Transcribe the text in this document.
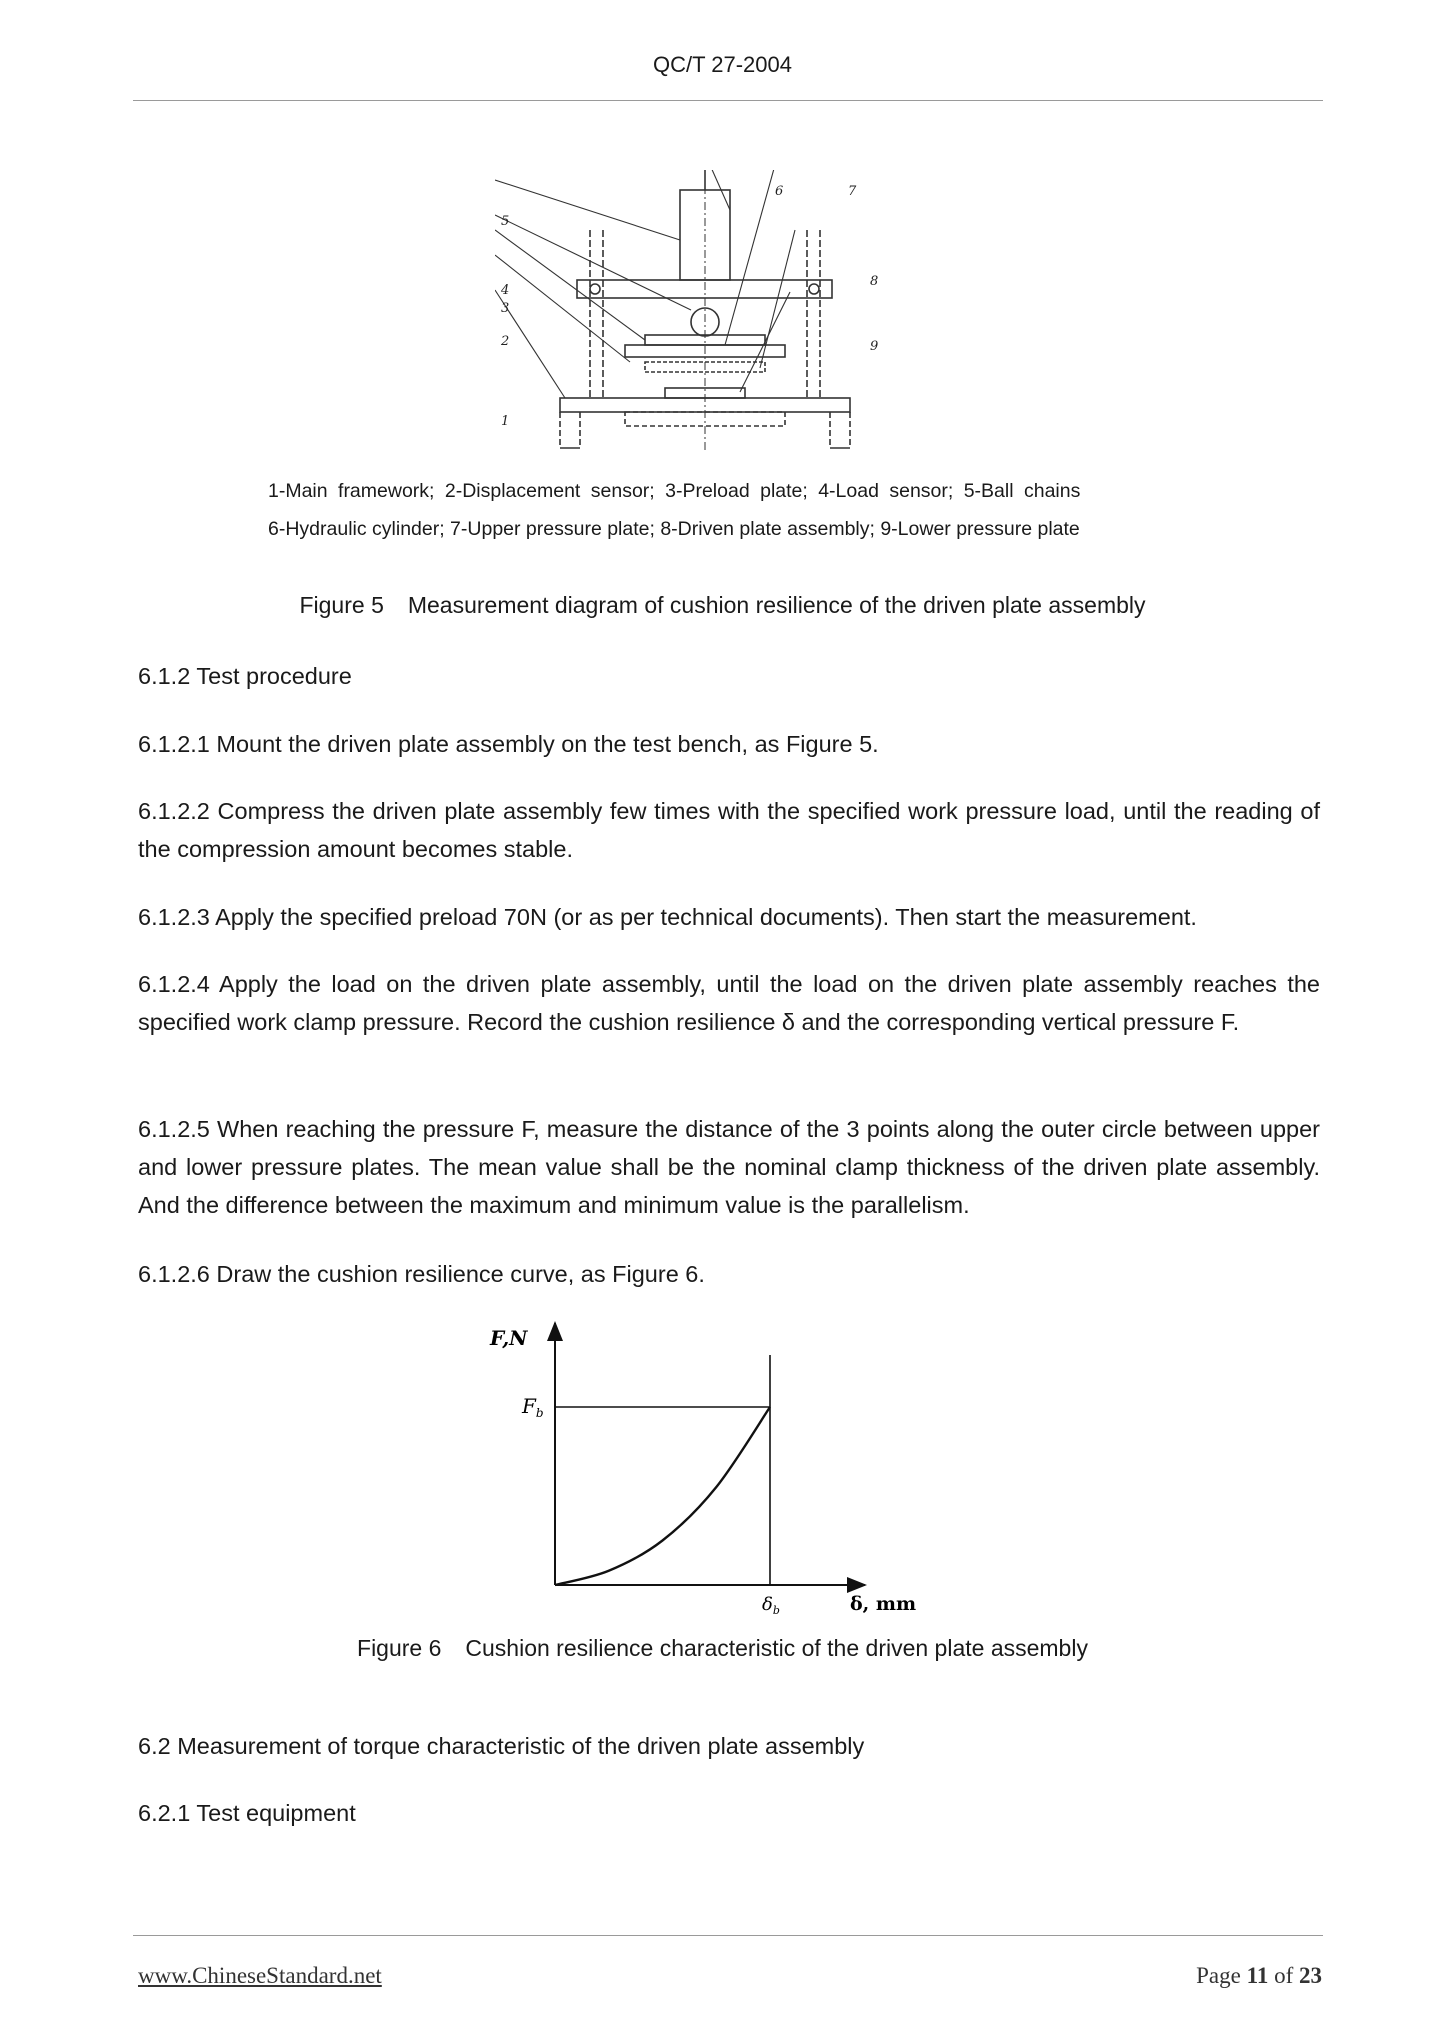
QC/T 27-2004
1
2
3
4
5
6	7
8
9
1-Main framework; 2-Displacement sensor; 3-Preload plate; 4-Load sensor; 5-Ball chains
6-Hydraulic cylinder; 7-Upper pressure plate; 8-Driven plate assembly; 9-Lower pressure plate
Figure 5 Measurement diagram of cushion resilience of the driven plate assembly
6.1.2 Test procedure
6.1.2.1 Mount the driven plate assembly on the test bench, as Figure 5.
6.1.2.2 Compress the driven plate assembly few times with the specified work pressure load, until the reading of the compression amount becomes stable.
6.1.2.3 Apply the specified preload 70N (or as per technical documents). Then start the measurement.
6.1.2.4 Apply the load on the driven plate assembly, until the load on the driven plate assembly reaches the specified work clamp pressure. Record the cushion resilience δ and the corresponding vertical pressure F.
6.1.2.5 When reaching the pressure F, measure the distance of the 3 points along the outer circle between upper and lower pressure plates. The mean value shall be the nominal clamp thickness of the driven plate assembly. And the difference between the maximum and minimum value is the parallelism.
6.1.2.6 Draw the cushion resilience curve, as Figure 6.
F,N
$F_b$
$\delta_b$	δ, mm
Figure 6 Cushion resilience characteristic of the driven plate assembly
6.2 Measurement of torque characteristic of the driven plate assembly
6.2.1 Test equipment
www.ChineseStandard.net	Page 11 of 23
